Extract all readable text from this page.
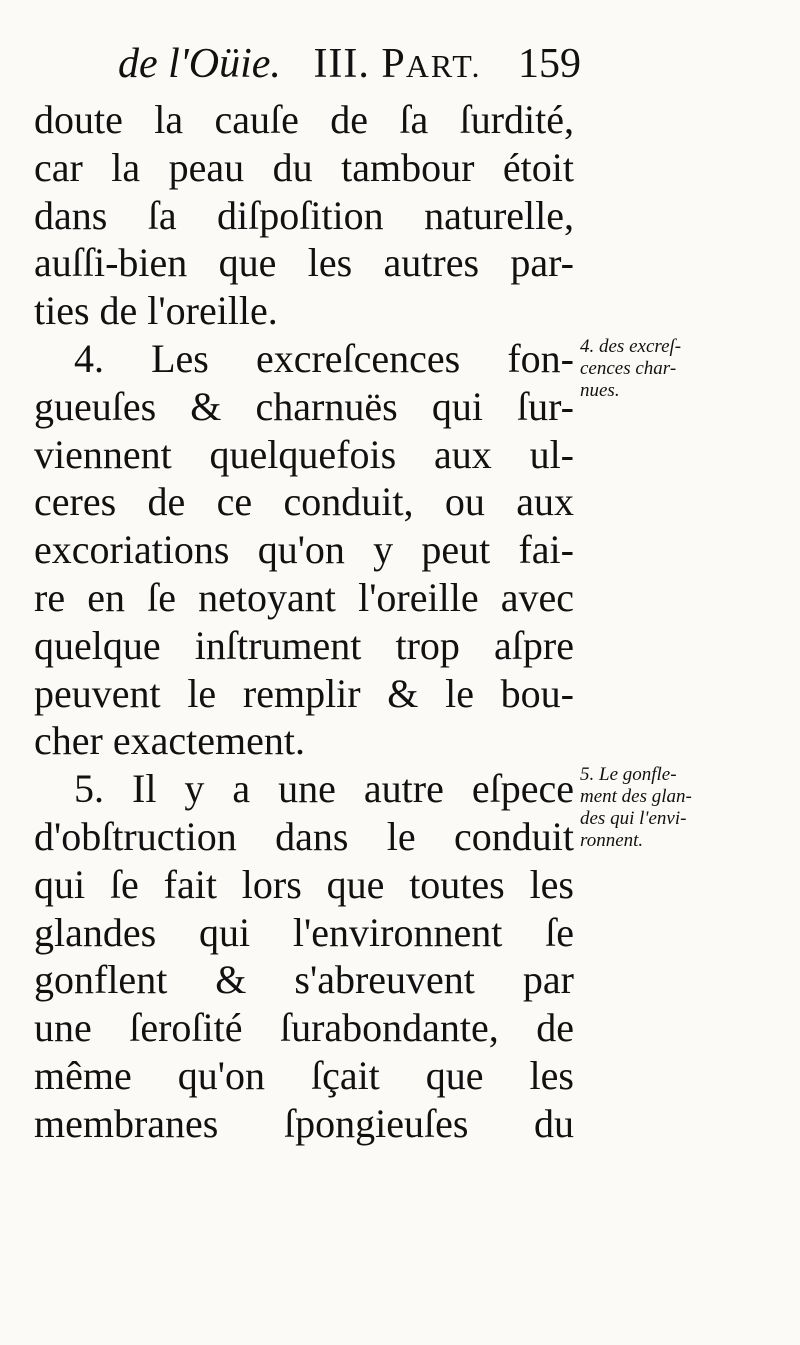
de l'Oüie. III. PART. 159
doute la cauſe de ſa ſurdité,
car la peau du tambour étoit
dans ſa diſpoſition naturelle,
auſſi-bien que les autres par-
ties de l'oreille.
4. Les excreſcences fon-
gueuſes & charnuës qui ſur-
viennent quelquefois aux ul-
ceres de ce conduit, ou aux
excoriations qu'on y peut fai-
re en ſe netoyant l'oreille avec
quelque inſtrument trop aſpre
peuvent le remplir & le bou-
cher exactement.
5. Il y a une autre eſpece
d'obſtruction dans le conduit
qui ſe fait lors que toutes les
glandes qui l'environnent ſe
gonflent & s'abreuvent par
une ſeroſité ſurabondante, de
même qu'on ſçait que les
membranes ſpongieuſes du
4. des excreſ-
cences char-
nues.
5. Le gonfle-
ment des glan-
des qui l'envi-
ronnent.
